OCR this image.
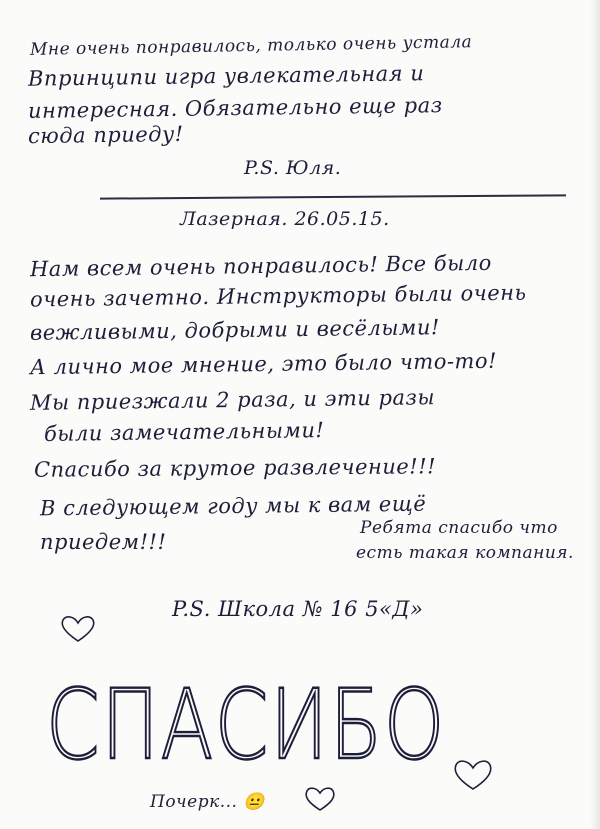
Мне очень понравилось, только очень устала
Впринципи игра увлекательная и
интересная. Обязательно еще раз
сюда приеду!
P.S. Юля.
Лазерная. 26.05.15.
Нам всем очень понравилось! Все было
очень зачетно. Инструкторы были очень
вежливыми, добрыми и весёлыми!
А лично мое мнение, это было что-то!
Мы приезжали 2 раза, и эти разы
были замечательными!
Спасибо за крутое развлечение!!!
В следующем году мы к вам ещё
приедем!!!
Ребята спасибо что
есть такая компания.
P.S. Школа № 16 5«Д»
СПАСИБО
Почерк... 😐
